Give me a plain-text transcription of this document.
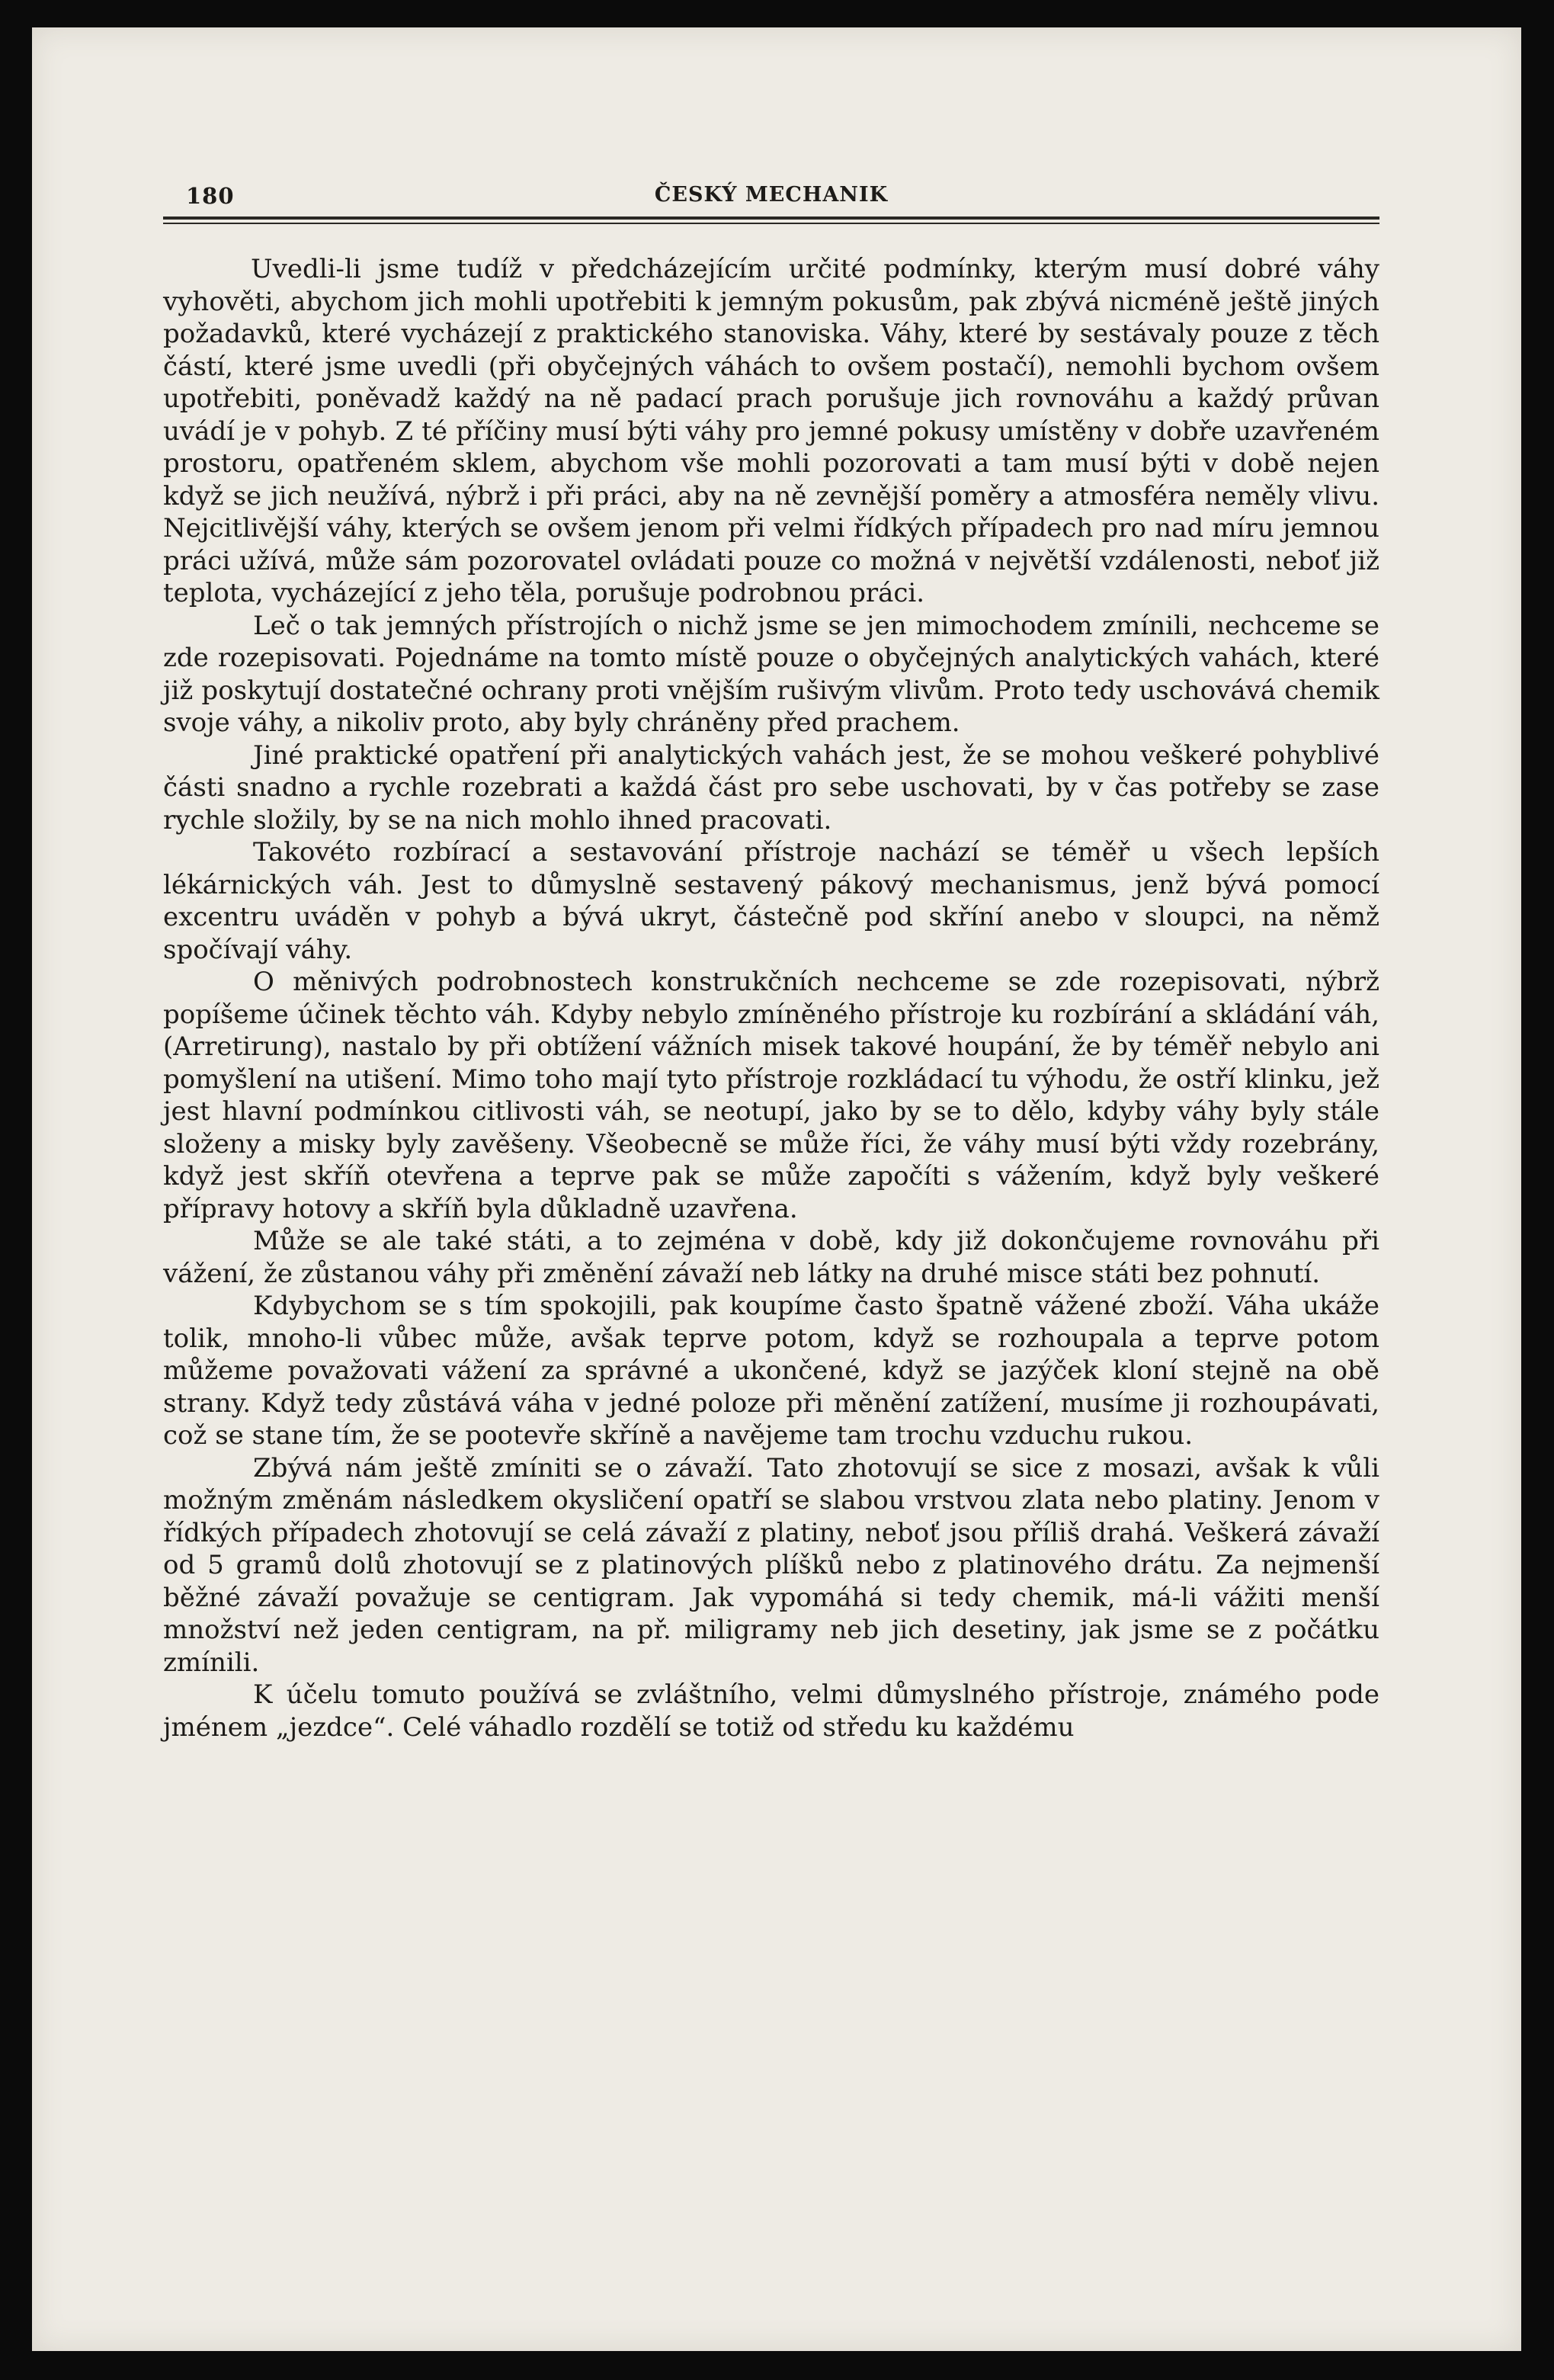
180	ČESKÝ MECHANIK

Uvedli-li jsme tudíž v předcházejícím určité podmínky, kterým musí dobré váhy vyhověti, abychom jich mohli upotřebiti k jemným pokusům, pak zbývá nicméně ještě jiných požadavků, které vycházejí z praktického stanoviska. Váhy, které by sestávaly pouze z těch částí, které jsme uvedli (při obyčejných váhách to ovšem postačí), nemohli bychom ovšem upotřebiti, poněvadž každý na ně padací prach porušuje jich rovnováhu a každý průvan uvádí je v pohyb. Z té příčiny musí býti váhy pro jemné pokusy umístěny v dobře uzavřeném prostoru, opatřeném sklem, abychom vše mohli pozorovati a tam musí býti v době nejen když se jich neužívá, nýbrž i při práci, aby na ně zevnější poměry a atmosféra neměly vlivu. Nejcitlivější váhy, kterých se ovšem jenom při velmi řídkých případech pro nad míru jemnou práci užívá, může sám pozorovatel ovládati pouze co možná v největší vzdálenosti, neboť již teplota, vycházející z jeho těla, porušuje podrobnou práci.

Leč o tak jemných přístrojích o nichž jsme se jen mimochodem zmínili, nechceme se zde rozepisovati. Pojednáme na tomto místě pouze o obyčejných analytických vahách, které již poskytují dostatečné ochrany proti vnějším rušivým vlivům. Proto tedy uschovává chemik svoje váhy, a nikoliv proto, aby byly chráněny před prachem.

Jiné praktické opatření při analytických vahách jest, že se mohou veškeré pohyblivé části snadno a rychle rozebrati a každá část pro sebe uschovati, by v čas potřeby se zase rychle složily, by se na nich mohlo ihned pracovati.

Takovéto rozbírací a sestavování přístroje nachází se téměř u všech lepších lékárnických váh. Jest to důmyslně sestavený pákový mechanismus, jenž bývá pomocí excentru uváděn v pohyb a bývá ukryt, částečně pod skříní anebo v sloupci, na němž spočívají váhy.

O měnivých podrobnostech konstrukčních nechceme se zde rozepisovati, nýbrž popíšeme účinek těchto váh. Kdyby nebylo zmíněného přístroje ku rozbírání a skládání váh, (Arretirung), nastalo by při obtížení vážních misek takové houpání, že by téměř nebylo ani pomyšlení na utišení. Mimo toho mají tyto přístroje rozkládací tu výhodu, že ostří klinku, jež jest hlavní podmínkou citlivosti váh, se neotupí, jako by se to dělo, kdyby váhy byly stále složeny a misky byly zavěšeny. Všeobecně se může říci, že váhy musí býti vždy rozebrány, když jest skříň otevřena a teprve pak se může započíti s vážením, když byly veškeré přípravy hotovy a skříň byla důkladně uzavřena.

Může se ale také státi, a to zejména v době, kdy již dokončujeme rovnováhu při vážení, že zůstanou váhy při změnění závaží neb látky na druhé misce státi bez pohnutí.

Kdybychom se s tím spokojili, pak koupíme často špatně vážené zboží. Váha ukáže tolik, mnoho-li vůbec může, avšak teprve potom, když se rozhoupala a teprve potom můžeme považovati vážení za správné a ukončené, když se jazýček kloní stejně na obě strany. Když tedy zůstává váha v jedné poloze při měnění zatížení, musíme ji rozhoupávati, což se stane tím, že se pootevře skříně a navějeme tam trochu vzduchu rukou.

Zbývá nám ještě zmíniti se o závaží. Tato zhotovují se sice z mosazi, avšak k vůli možným změnám následkem okysličení opatří se slabou vrstvou zlata nebo platiny. Jenom v řídkých případech zhotovují se celá závaží z platiny, neboť jsou příliš drahá. Veškerá závaží od 5 gramů dolů zhotovují se z platinových plíšků nebo z platinového drátu. Za nejmenší běžné závaží považuje se centigram. Jak vypomáhá si tedy chemik, má-li vážiti menší množství než jeden centigram, na př. miligramy neb jich desetiny, jak jsme se z počátku zmínili.

K účelu tomuto používá se zvláštního, velmi důmyslného přístroje, známého pode jménem „jezdce“. Celé váhadlo rozdělí se totiž od středu ku každému
